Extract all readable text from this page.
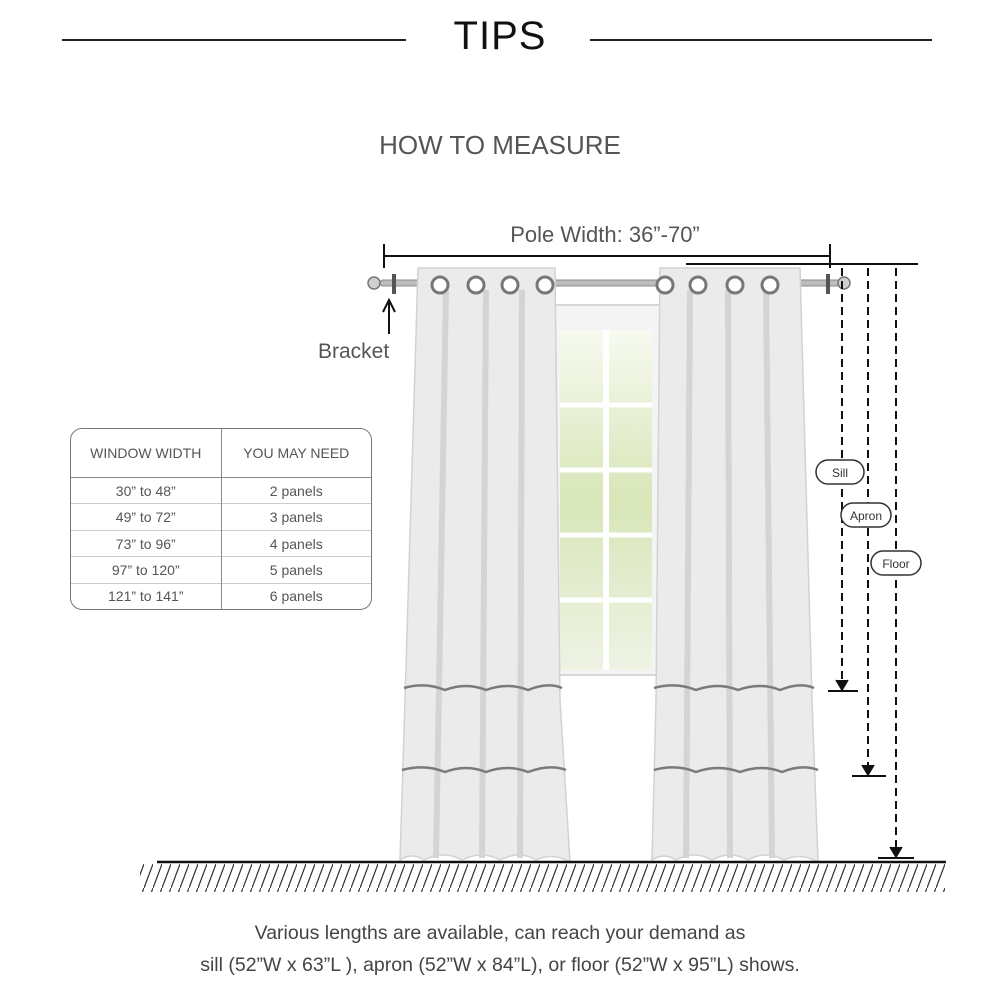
TIPS
HOW TO MEASURE
Sill
Apron
Floor
Pole Width: 36”-70”
Bracket
WINDOW WIDTH	YOU MAY NEED
30” to 48”	2 panels
49” to 72”	3 panels
73” to 96”	4 panels
97” to 120”	5 panels
121” to 141”	6 panels
Various lengths are available, can reach your demand as
sill (52”W x 63”L ), apron (52”W x 84”L), or floor (52”W x 95”L) shows.
